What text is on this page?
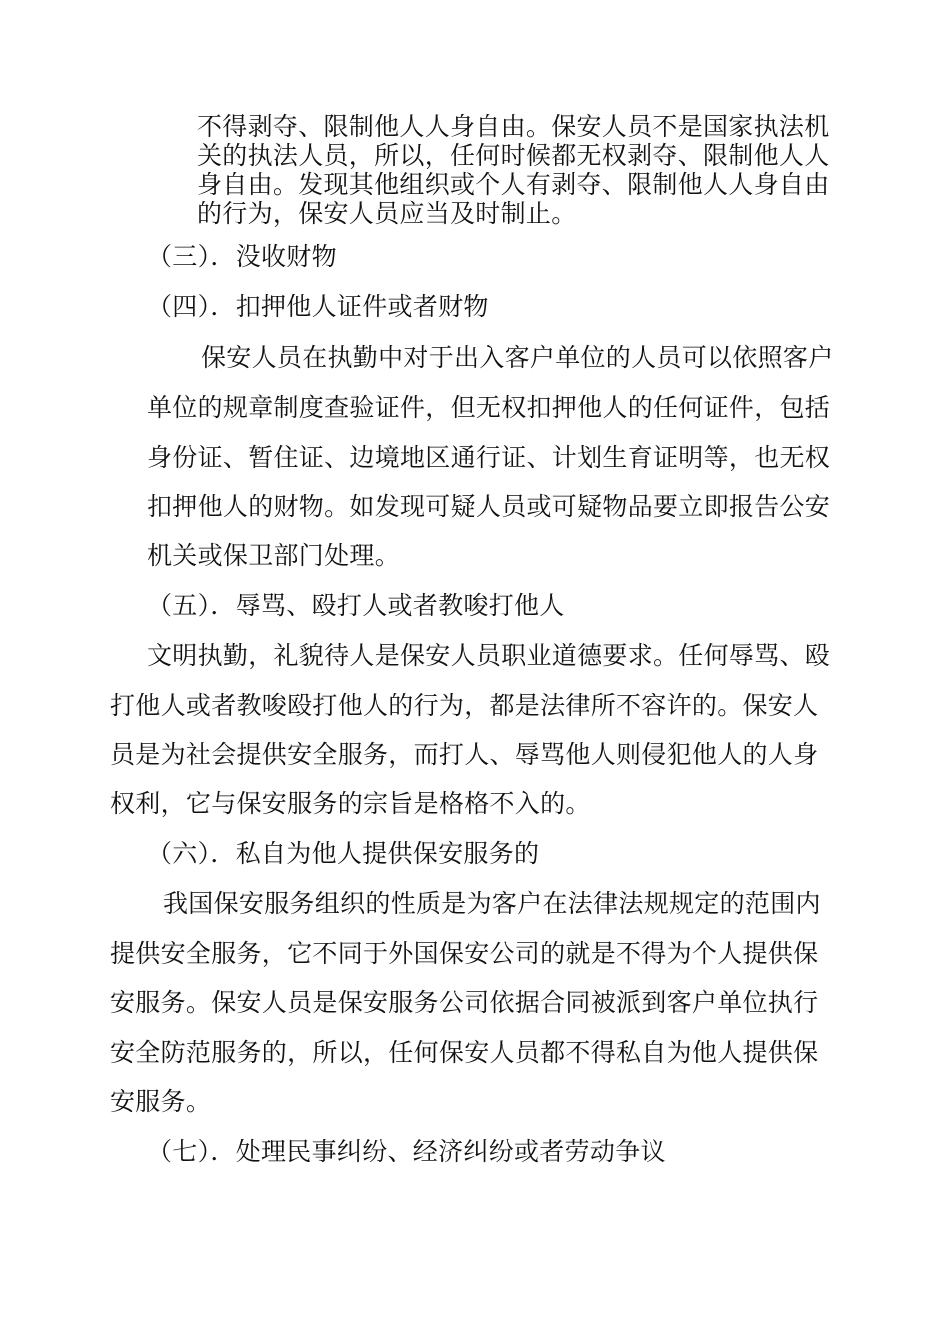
不得剥夺、限制他人人身自由。保安人员不是国家执法机
关的执法人员，所以，任何时候都无权剥夺、限制他人人
身自由。发现其他组织或个人有剥夺、限制他人人身自由
的行为，保安人员应当及时制止。
（三）．没收财物
（四）．扣押他人证件或者财物
保安人员在执勤中对于出入客户单位的人员可以依照客户
单位的规章制度查验证件，但无权扣押他人的任何证件，包括
身份证、暂住证、边境地区通行证、计划生育证明等，也无权
扣押他人的财物。如发现可疑人员或可疑物品要立即报告公安
机关或保卫部门处理。
（五）．辱骂、殴打人或者教唆打他人
文明执勤，礼貌待人是保安人员职业道德要求。任何辱骂、殴
打他人或者教唆殴打他人的行为，都是法律所不容许的。保安人
员是为社会提供安全服务，而打人、辱骂他人则侵犯他人的人身
权利，它与保安服务的宗旨是格格不入的。
（六）．私自为他人提供保安服务的
我国保安服务组织的性质是为客户在法律法规规定的范围内
提供安全服务，它不同于外国保安公司的就是不得为个人提供保
安服务。保安人员是保安服务公司依据合同被派到客户单位执行
安全防范服务的，所以，任何保安人员都不得私自为他人提供保
安服务。
（七）．处理民事纠纷、经济纠纷或者劳动争议
